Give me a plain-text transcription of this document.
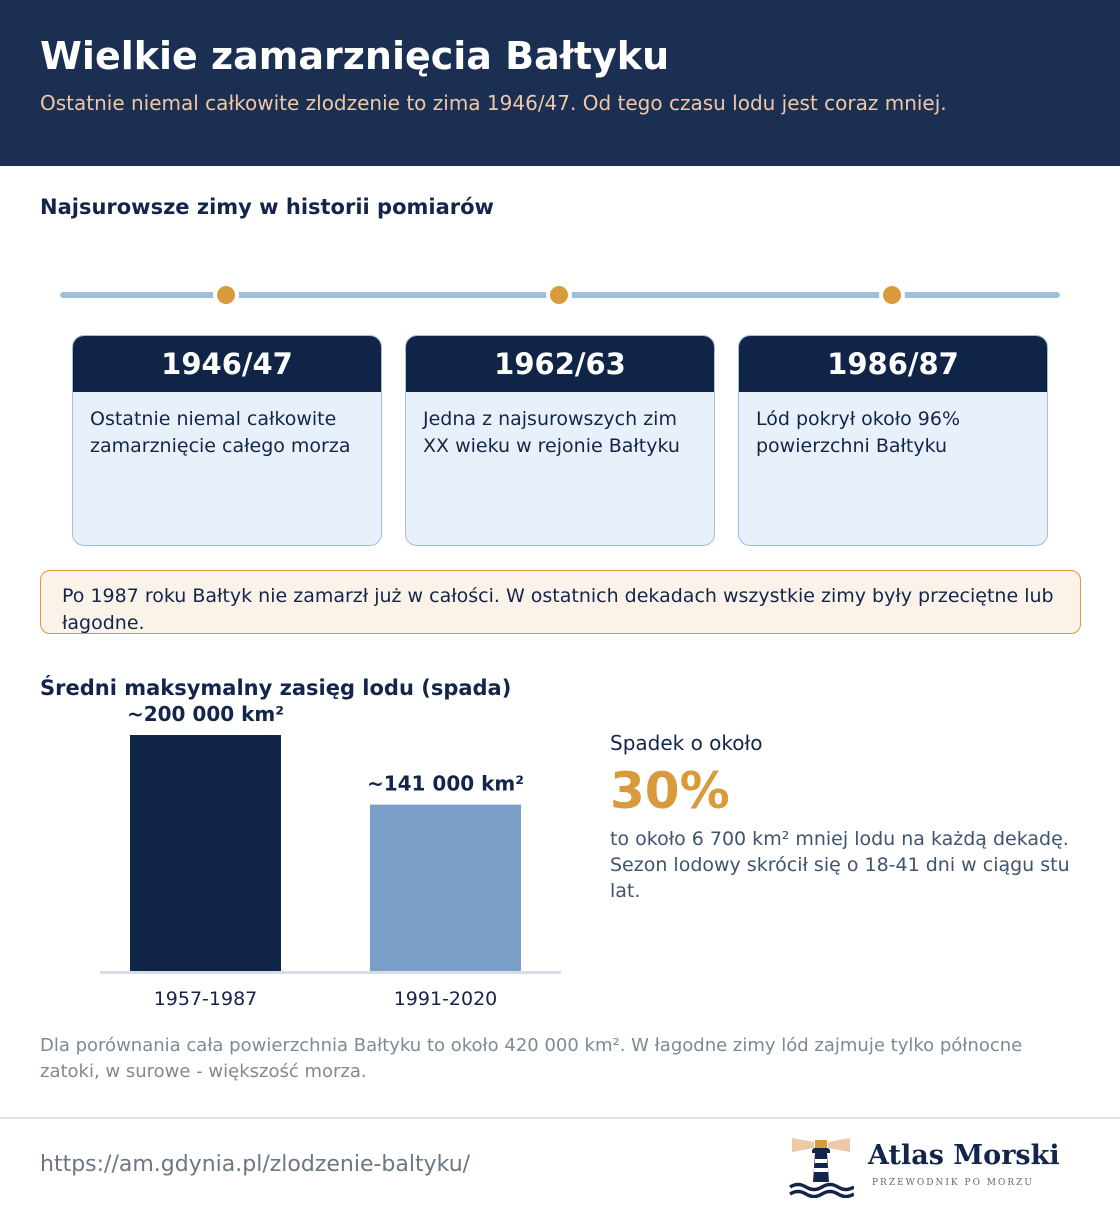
Wielkie zamarznięcia Bałtyku
Ostatnie niemal całkowite zlodzenie to zima 1946/47. Od tego czasu lodu jest coraz mniej.
Najsurowsze zimy w historii pomiarów
1946/47
Ostatnie niemal całkowite zamarznięcie całego morza
1962/63
Jedna z najsurowszych zim XX wieku w rejonie Bałtyku
1986/87
Lód pokrył około 96% powierzchni Bałtyku
Po 1987 roku Bałtyk nie zamarzł już w całości. W ostatnich dekadach wszystkie zimy były przeciętne lub łagodne.
Średni maksymalny zasięg lodu (spada)
~200 000 km²
1957-1987
~141 000 km²
1991-2020
Spadek o około
30%
to około 6 700 km² mniej lodu na każdą dekadę. Sezon lodowy skrócił się o 18-41 dni w ciągu stu lat.
Dla porównania cała powierzchnia Bałtyku to około 420 000 km². W łagodne zimy lód zajmuje tylko północne zatoki, w surowe - większość morza.
https://am.gdynia.pl/zlodzenie-baltyku/	Atlas Morski
PRZEWODNIK PO MORZU
